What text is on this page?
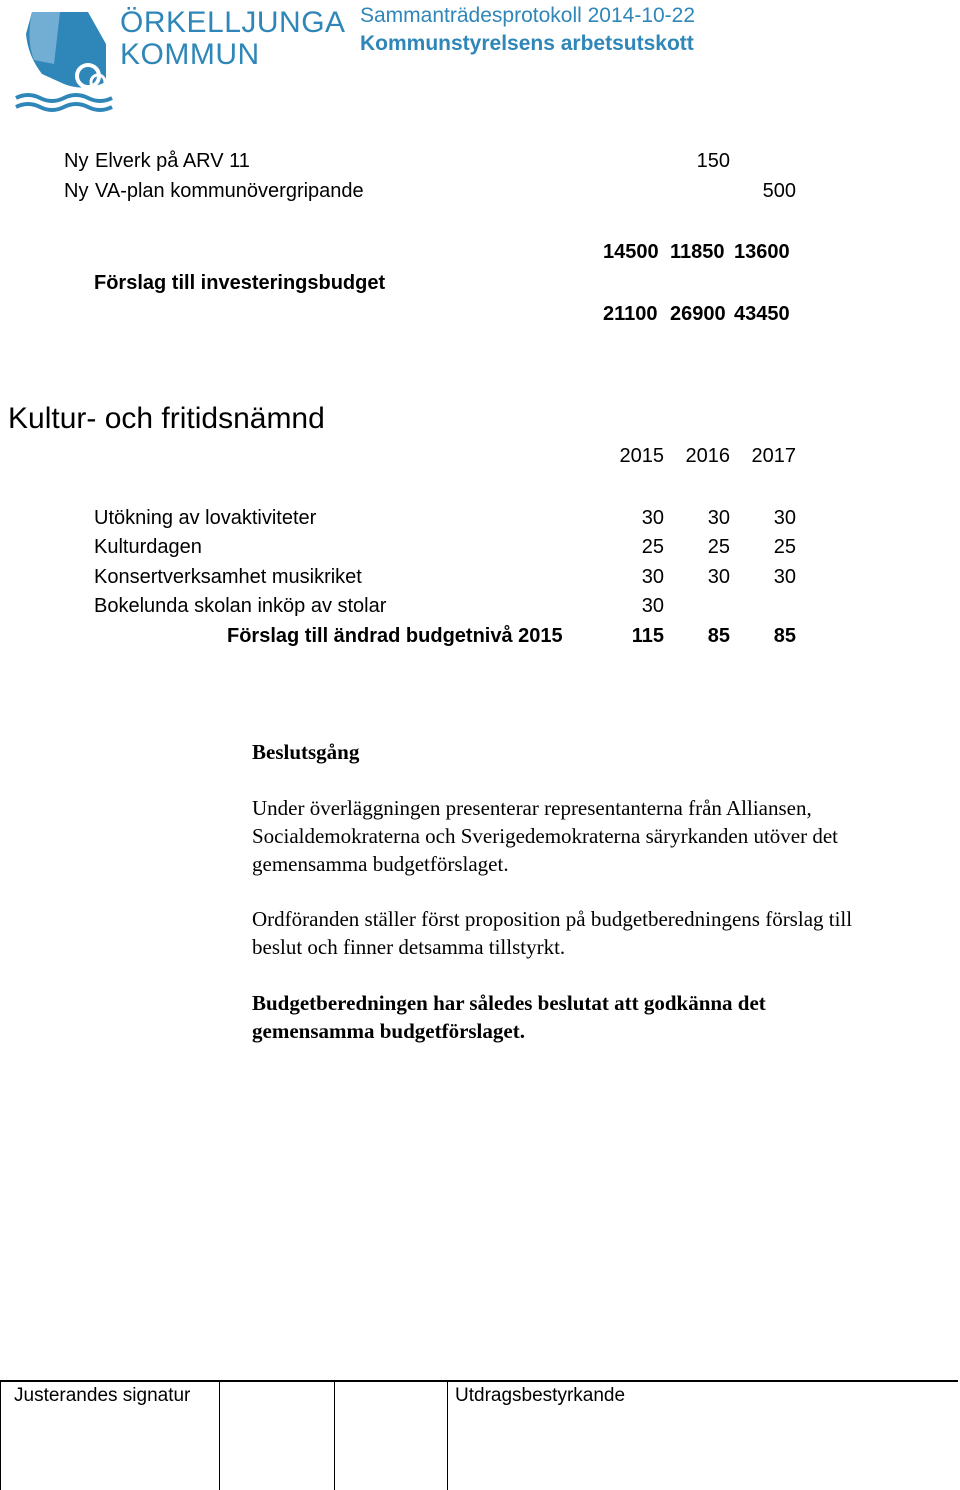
ÖRKELLJUNGA
KOMMUN
Sammanträdesprotokoll 2014-10-22
Kommunstyrelsens arbetsutskott
Ny Elverk på ARV 11	150
Ny VA-plan kommunövergripande	500
14500 11850 13600
Förslag till investeringsbudget
21100 26900 43450
Kultur- och fritidsnämnd
2015	2016	2017
Utökning av lovaktiviteter	30	30	30
Kulturdagen	25	25	25
Konsertverksamhet musikriket	30	30	30
Bokelunda skolan inköp av stolar	30
Förslag till ändrad budgetnivå 2015	115	85	85
Beslutsgång
Under överläggningen presenterar representanterna från Alliansen,
Socialdemokraterna och Sverigedemokraterna säryrkanden utöver det
gemensamma budgetförslaget.
Ordföranden ställer först proposition på budgetberedningens förslag till
beslut och finner detsamma tillstyrkt.
Budgetberedningen har således beslutat att godkänna det
gemensamma budgetförslaget.
Justerandes signatur	Utdragsbestyrkande
